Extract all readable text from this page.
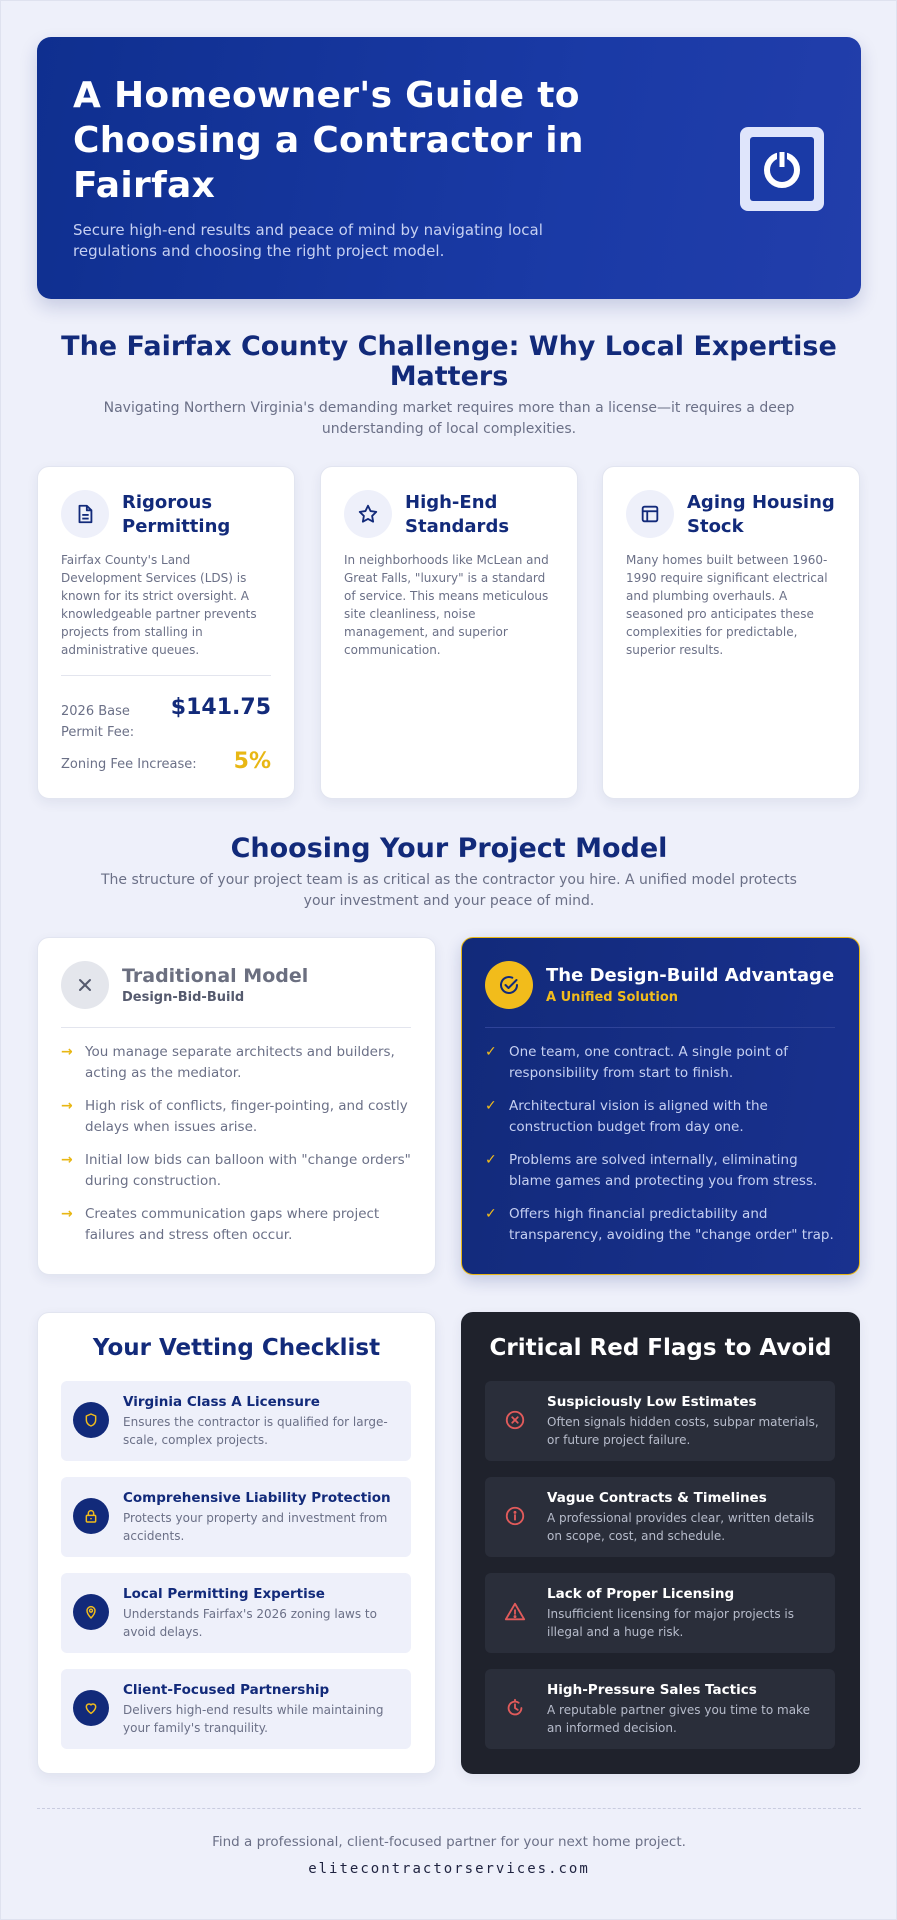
A Homeowner's Guide to Choosing a Contractor in Fairfax
Secure high-end results and peace of mind by navigating local regulations and choosing the right project model.
The Fairfax County Challenge: Why Local Expertise Matters
Navigating Northern Virginia's demanding market requires more than a license—it requires a deep understanding of local complexities.
Rigorous Permitting
Fairfax County's Land Development Services (LDS) is known for its strict oversight. A knowledgeable partner prevents projects from stalling in administrative queues.
2026 Base Permit Fee:
$141.75
Zoning Fee Increase: 5%
High-End Standards
In neighborhoods like McLean and Great Falls, "luxury" is a standard of service. This means meticulous site cleanliness, noise management, and superior communication.
Aging Housing Stock
Many homes built between 1960-1990 require significant electrical and plumbing overhauls. A seasoned pro anticipates these complexities for predictable, superior results.
Choosing Your Project Model
The structure of your project team is as critical as the contractor you hire. A unified model protects your investment and your peace of mind.
Traditional Model
Design-Bid-Build
→ You manage separate architects and builders, acting as the mediator.
→ High risk of conflicts, finger-pointing, and costly delays when issues arise.
→ Initial low bids can balloon with "change orders" during construction.
→ Creates communication gaps where project failures and stress often occur.
The Design-Build Advantage
A Unified Solution
✓ One team, one contract. A single point of responsibility from start to finish.
✓ Architectural vision is aligned with the construction budget from day one.
✓ Problems are solved internally, eliminating blame games and protecting you from stress.
✓ Offers high financial predictability and transparency, avoiding the "change order" trap.
Your Vetting Checklist
Virginia Class A Licensure
Ensures the contractor is qualified for large-scale, complex projects.
Comprehensive Liability Protection
Protects your property and investment from accidents.
Local Permitting Expertise
Understands Fairfax's 2026 zoning laws to avoid delays.
Client-Focused Partnership
Delivers high-end results while maintaining your family's tranquility.
Critical Red Flags to Avoid
Suspiciously Low Estimates
Often signals hidden costs, subpar materials, or future project failure.
Vague Contracts & Timelines
A professional provides clear, written details on scope, cost, and schedule.
Lack of Proper Licensing
Insufficient licensing for major projects is illegal and a huge risk.
High-Pressure Sales Tactics
A reputable partner gives you time to make an informed decision.
Find a professional, client-focused partner for your next home project.
elitecontractorservices.com
